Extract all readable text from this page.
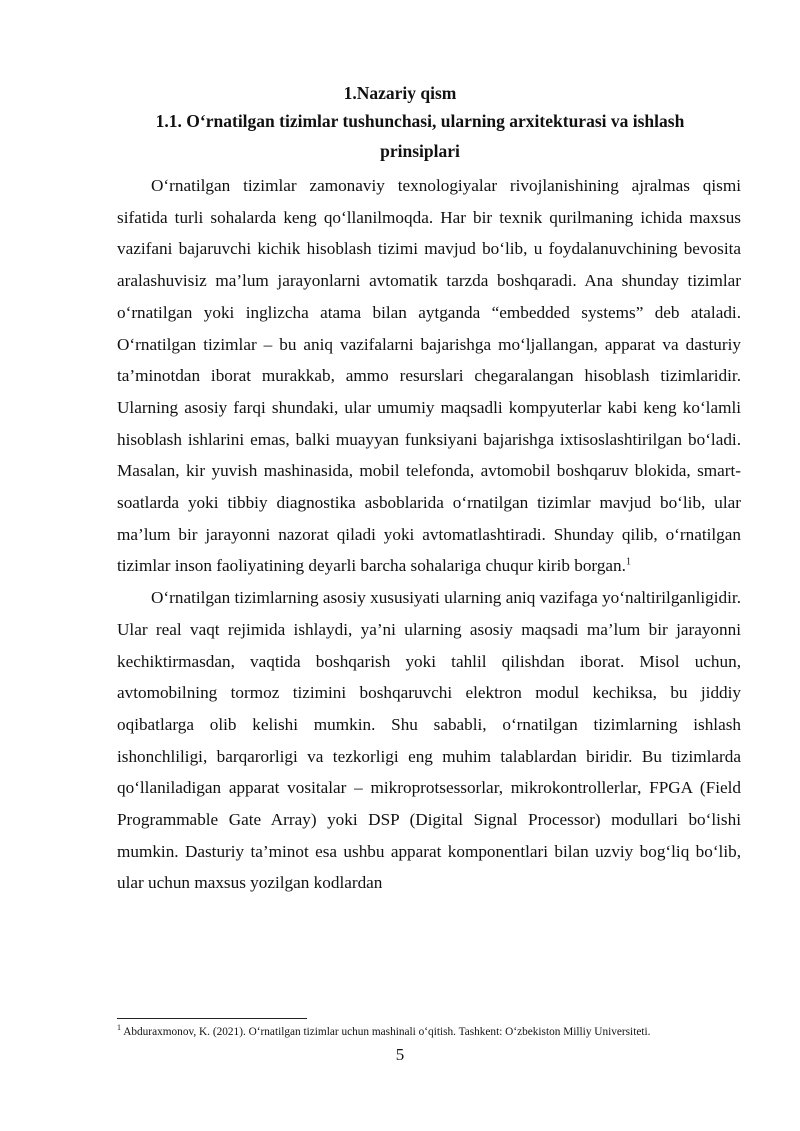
1.Nazariy qism
1.1. O‘rnatilgan tizimlar tushunchasi, ularning arxitekturasi va ishlash prinsiplari

O‘rnatilgan tizimlar zamonaviy texnologiyalar rivojlanishining ajralmas qismi sifatida turli sohalarda keng qo‘llanilmoqda. Har bir texnik qurilmaning ichida maxsus vazifani bajaruvchi kichik hisoblash tizimi mavjud bo‘lib, u foydalanuvchining bevosita aralashuvisiz ma’lum jarayonlarni avtomatik tarzda boshqaradi. Ana shunday tizimlar o‘rnatilgan yoki inglizcha atama bilan aytganda “embedded systems” deb ataladi. O‘rnatilgan tizimlar – bu aniq vazifalarni bajarishga mo‘ljallangan, apparat va dasturiy ta’minotdan iborat murakkab, ammo resurslari chegaralangan hisoblash tizimlaridir. Ularning asosiy farqi shundaki, ular umumiy maqsadli kompyuterlar kabi keng ko‘lamli hisoblash ishlarini emas, balki muayyan funksiyani bajarishga ixtisoslashtirilgan bo‘ladi. Masalan, kir yuvish mashinasida, mobil telefonda, avtomobil boshqaruv blokida, smart-soatlarda yoki tibbiy diagnostika asboblarida o‘rnatilgan tizimlar mavjud bo‘lib, ular ma’lum bir jarayonni nazorat qiladi yoki avtomatlashtiradi. Shunday qilib, o‘rnatilgan tizimlar inson faoliyatining deyarli barcha sohalariga chuqur kirib borgan.$^1$

O‘rnatilgan tizimlarning asosiy xususiyati ularning aniq vazifaga yo‘naltirilganligidir. Ular real vaqt rejimida ishlaydi, ya’ni ularning asosiy maqsadi ma’lum bir jarayonni kechiktirmasdan, vaqtida boshqarish yoki tahlil qilishdan iborat. Misol uchun, avtomobilning tormoz tizimini boshqaruvchi elektron modul kechiksa, bu jiddiy oqibatlarga olib kelishi mumkin. Shu sababli, o‘rnatilgan tizimlarning ishlash ishonchliligi, barqarorligi va tezkorligi eng muhim talablardan biridir. Bu tizimlarda qo‘llaniladigan apparat vositalar – mikroprotsessorlar, mikrokontrollerlar, FPGA (Field Programmable Gate Array) yoki DSP (Digital Signal Processor) modullari bo‘lishi mumkin. Dasturiy ta’minot esa ushbu apparat komponentlari bilan uzviy bog‘liq bo‘lib, ular uchun maxsus yozilgan kodlardan

$^1$ Abduraxmonov, K. (2021). O‘rnatilgan tizimlar uchun mashinali o‘qitish. Tashkent: O‘zbekiston Milliy Universiteti.
5
